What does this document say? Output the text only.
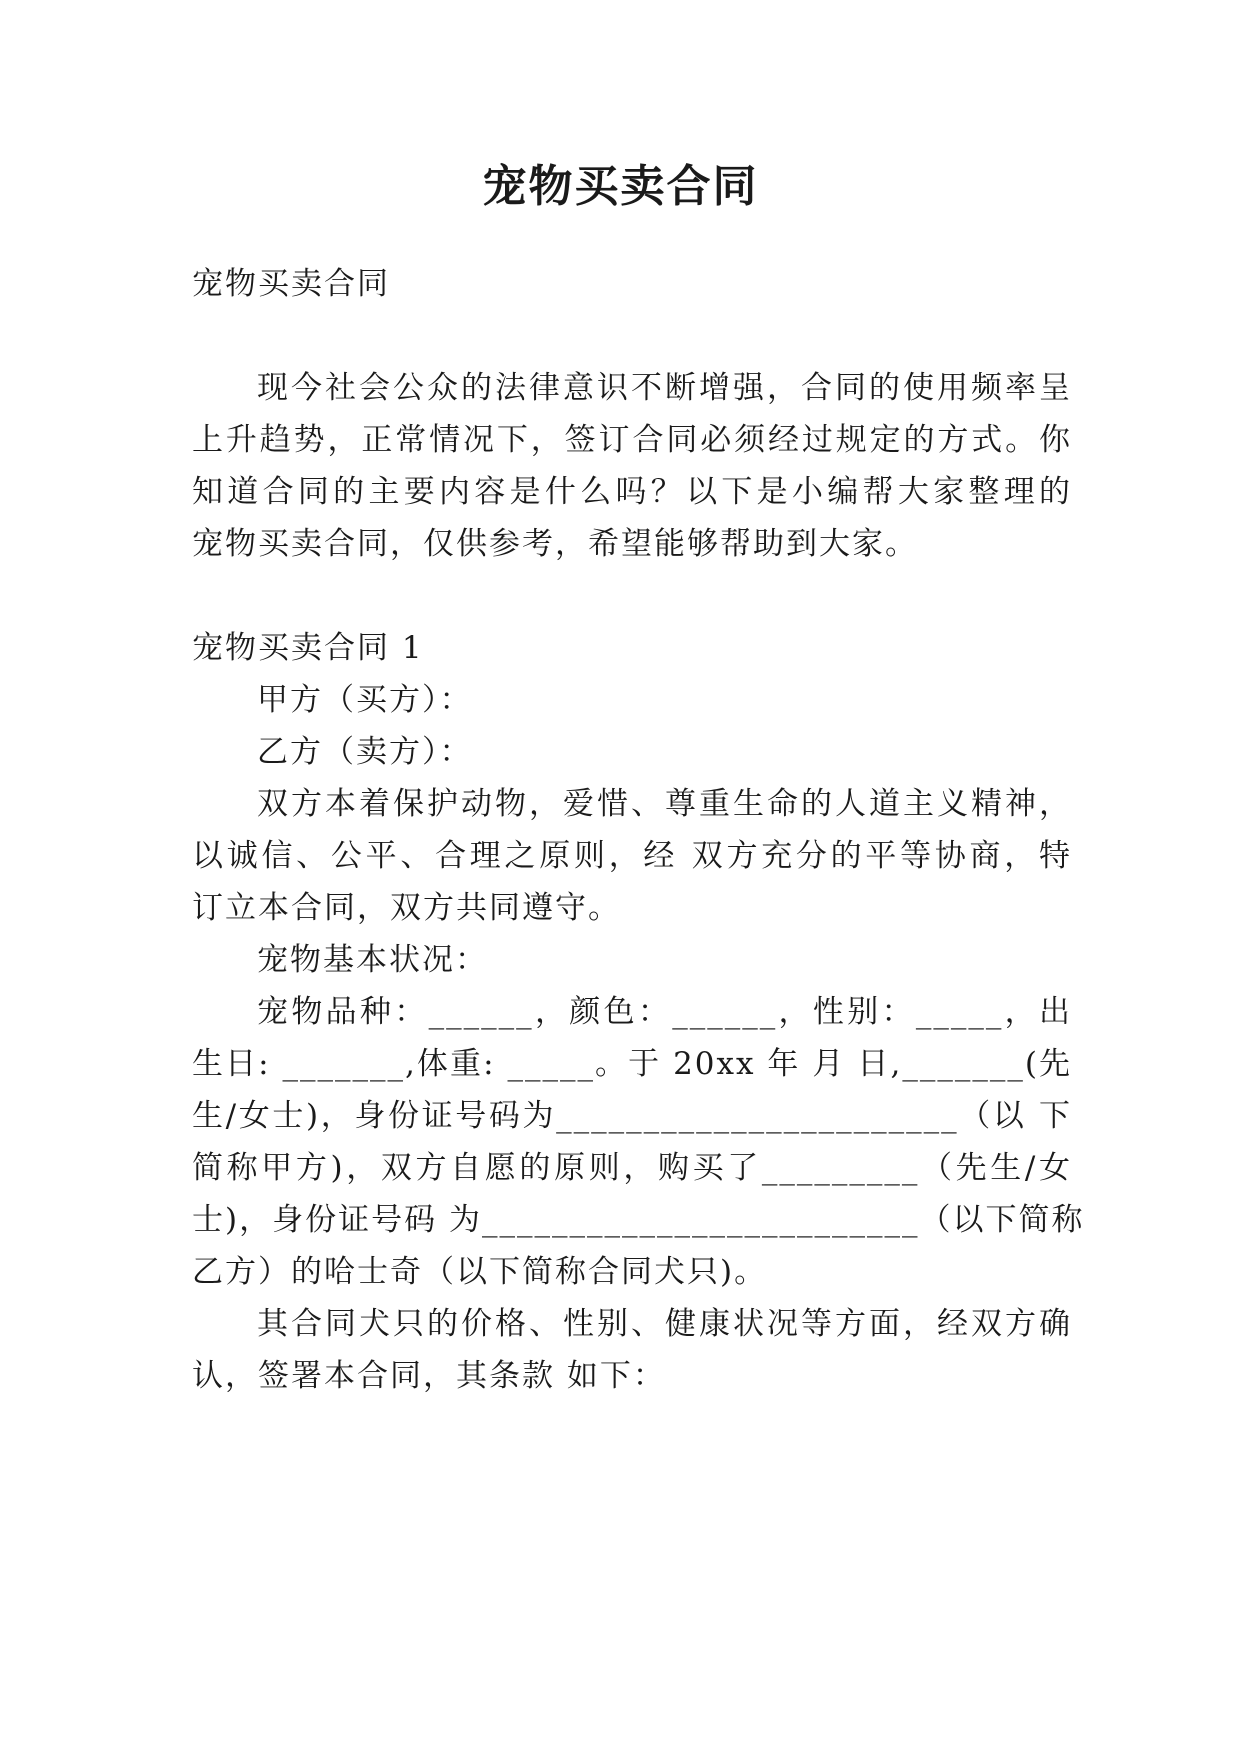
宠物买卖合同

宠物买卖合同

现今社会公众的法律意识不断增强，合同的使用频率呈

上升趋势，正常情况下，签订合同必须经过规定的方式。你

知道合同的主要内容是什么吗？以下是小编帮大家整理的

宠物买卖合同，仅供参考，希望能够帮助到大家。

宠物买卖合同 1

甲方（买方）：

乙方（卖方）：

双方本着保护动物，爱惜、尊重生命的人道主义精神，

以诚信、公平、合理之原则，经 双方充分的平等协商，特

订立本合同，双方共同遵守。

宠物基本状况：

宠物品种：______，颜色：______，性别：_____，出

生日: _______,体重: _____。于 20xx 年 月 日,_______(先

生/女士)，身份证号码为_______________________（以 下

简称甲方)，双方自愿的原则，购买了_________（先生/女

士)，身份证号码 为_________________________（以下简称

乙方）的哈士奇（以下简称合同犬只)。

其合同犬只的价格、性别、健康状况等方面，经双方确

认，签署本合同，其条款 如下：
